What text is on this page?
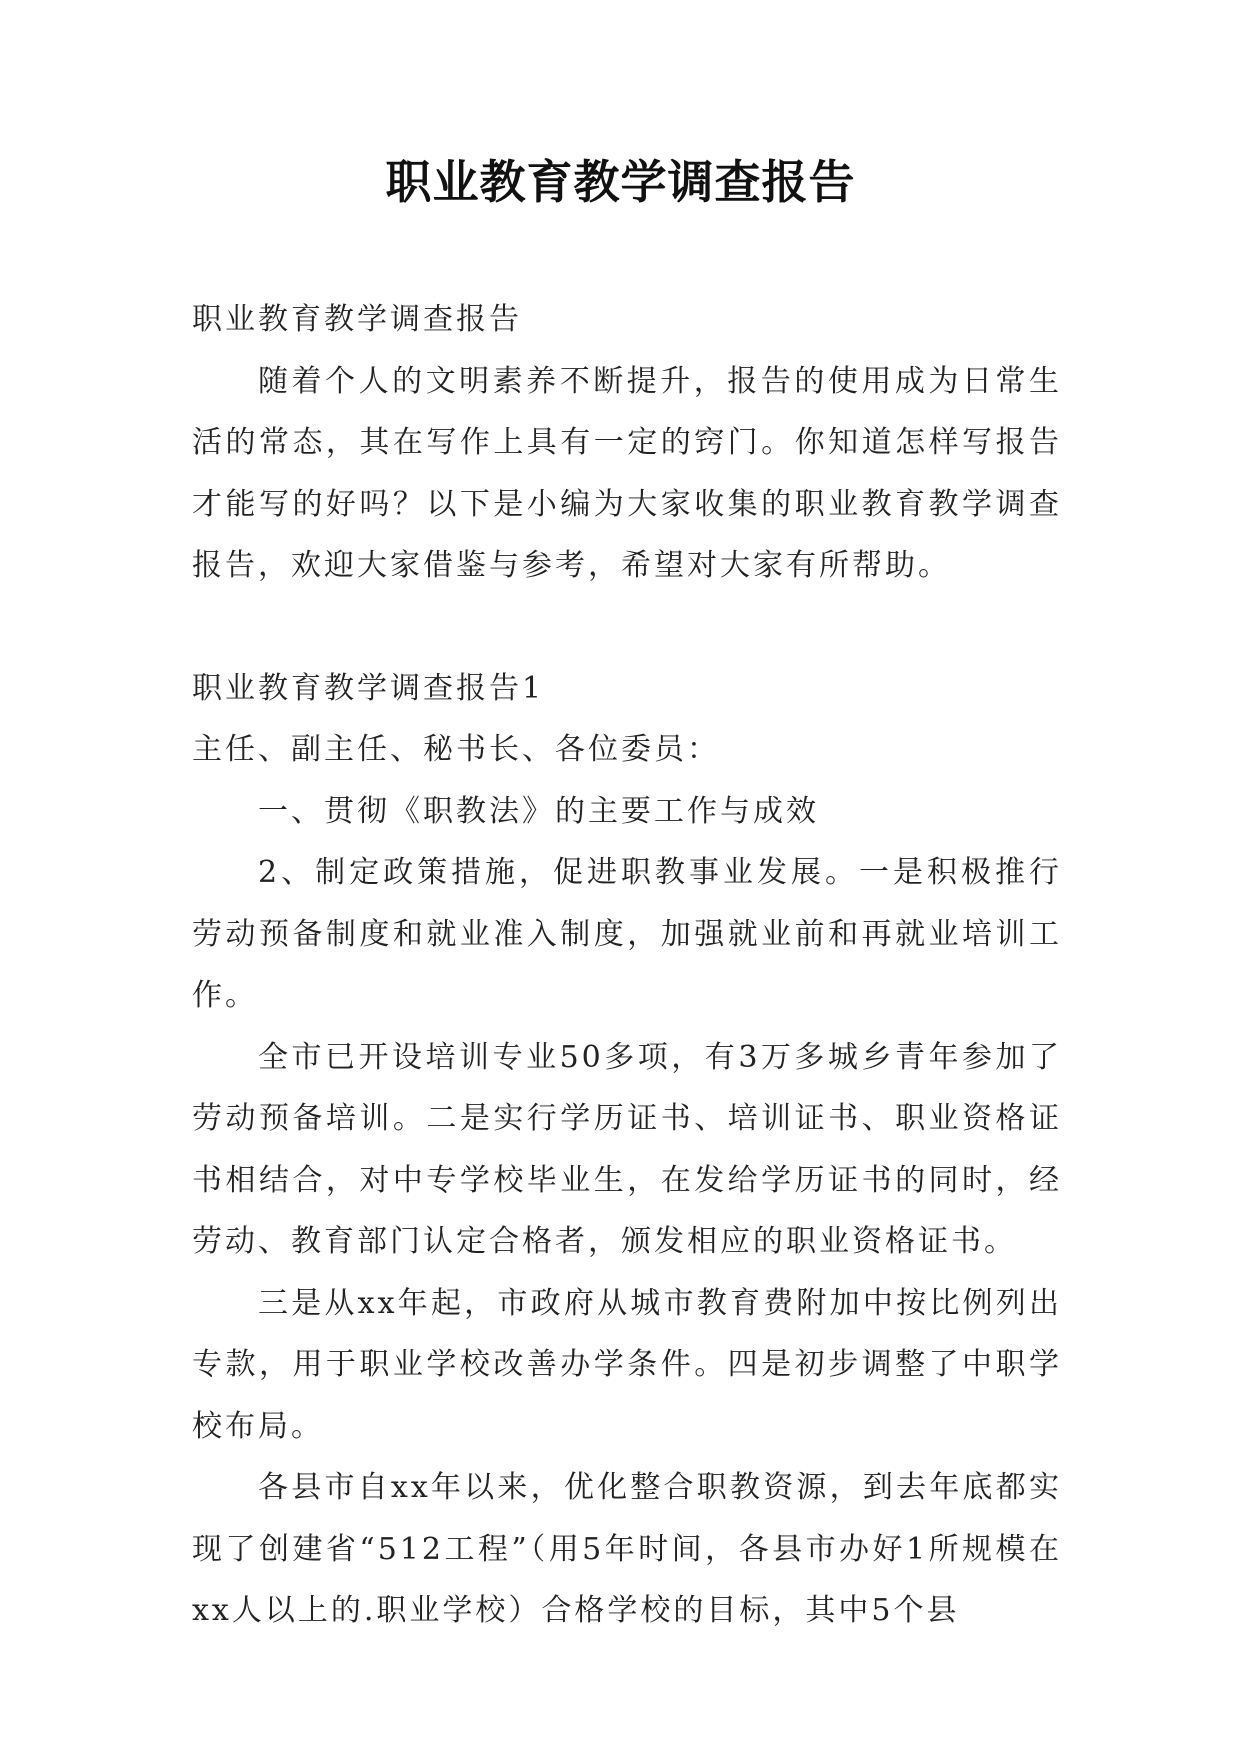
职业教育教学调查报告

职业教育教学调查报告

随着个人的文明素养不断提升，报告的使用成为日常生活的常态，其在写作上具有一定的窍门。你知道怎样写报告才能写的好吗？以下是小编为大家收集的职业教育教学调查报告，欢迎大家借鉴与参考，希望对大家有所帮助。

职业教育教学调查报告1

主任、副主任、秘书长、各位委员：

一、贯彻《职教法》的主要工作与成效

2、制定政策措施，促进职教事业发展。一是积极推行劳动预备制度和就业准入制度，加强就业前和再就业培训工作。

全市已开设培训专业50多项，有3万多城乡青年参加了劳动预备培训。二是实行学历证书、培训证书、职业资格证书相结合，对中专学校毕业生，在发给学历证书的同时，经劳动、教育部门认定合格者，颁发相应的职业资格证书。

三是从xx年起，市政府从城市教育费附加中按比例列出专款，用于职业学校改善办学条件。四是初步调整了中职学校布局。

各县市自xx年以来，优化整合职教资源，到去年底都实现了创建省“512工程”（用5年时间，各县市办好1所规模在xx人以上的.职业学校）合格学校的目标，其中5个县
